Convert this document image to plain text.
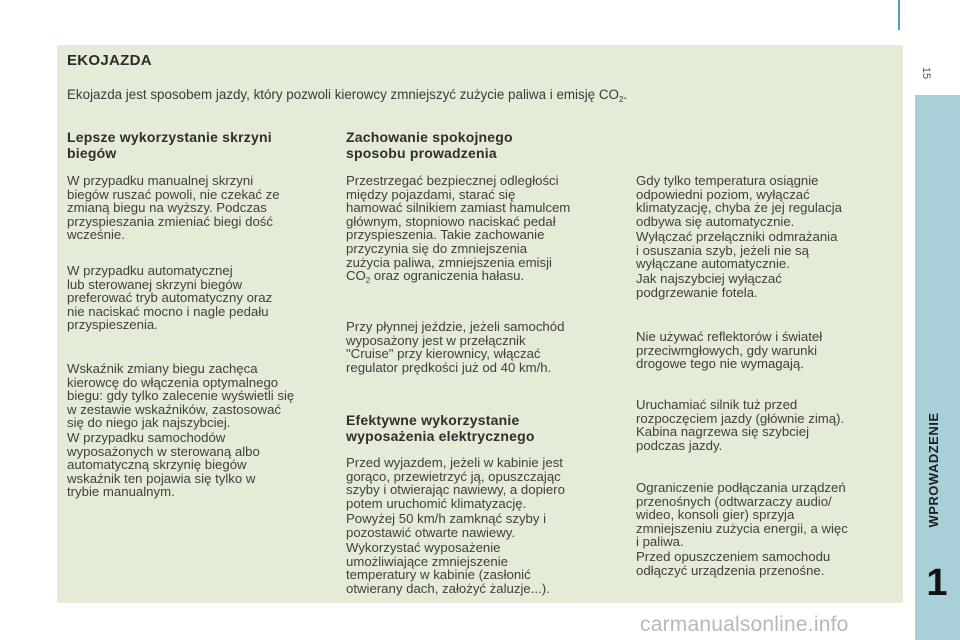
15
WPROWADZENIE
1
EKOJAZDA
Ekojazda jest sposobem jazdy, który pozwoli kierowcy zmniejszyć zużycie paliwa i emisję $CO_2$.
Lepsze wykorzystanie skrzyni
biegów
W przypadku manualnej skrzyni
biegów ruszać powoli, nie czekać ze
zmianą biegu na wyższy. Podczas
przyspieszania zmieniać biegi dość
wcześnie.
W przypadku automatycznej
lub sterowanej skrzyni biegów
preferować tryb automatyczny oraz
nie naciskać mocno i nagle pedału
przyspieszenia.
Wskaźnik zmiany biegu zachęca
kierowcę do włączenia optymalnego
biegu: gdy tylko zalecenie wyświetli się
w zestawie wskaźników, zastosować
się do niego jak najszybciej.
W przypadku samochodów
wyposażonych w sterowaną albo
automatyczną skrzynię biegów
wskaźnik ten pojawia się tylko w
trybie manualnym.
Zachowanie spokojnego
sposobu prowadzenia
Przestrzegać bezpiecznej odległości
między pojazdami, starać się
hamować silnikiem zamiast hamulcem
głównym, stopniowo naciskać pedał
przyspieszenia. Takie zachowanie
przyczynia się do zmniejszenia
zużycia paliwa, zmniejszenia emisji
$CO_2$ oraz ograniczenia hałasu.
Przy płynnej jeździe, jeżeli samochód
wyposażony jest w przełącznik
"Cruise" przy kierownicy, włączać
regulator prędkości już od 40 km/h.
Efektywne wykorzystanie
wyposażenia elektrycznego
Przed wyjazdem, jeżeli w kabinie jest
gorąco, przewietrzyć ją, opuszczając
szyby i otwierając nawiewy, a dopiero
potem uruchomić klimatyzację.
Powyżej 50 km/h zamknąć szyby i
pozostawić otwarte nawiewy.
Wykorzystać wyposażenie
umożliwiające zmniejszenie
temperatury w kabinie (zasłonić
otwierany dach, założyć żaluzje...).
Gdy tylko temperatura osiągnie
odpowiedni poziom, wyłączać
klimatyzację, chyba że jej regulacja
odbywa się automatycznie.
Wyłączać przełączniki odmrażania
i osuszania szyb, jeżeli nie są
wyłączane automatycznie.
Jak najszybciej wyłączać
podgrzewanie fotela.
Nie używać reflektorów i świateł
przeciwmgłowych, gdy warunki
drogowe tego nie wymagają.
Uruchamiać silnik tuż przed
rozpoczęciem jazdy (głównie zimą).
Kabina nagrzewa się szybciej
podczas jazdy.
Ograniczenie podłączania urządzeń
przenośnych (odtwarzaczy audio/
wideo, konsoli gier) sprzyja
zmniejszeniu zużycia energii, a więc
i paliwa.
Przed opuszczeniem samochodu
odłączyć urządzenia przenośne.
carmanualsonline.info
